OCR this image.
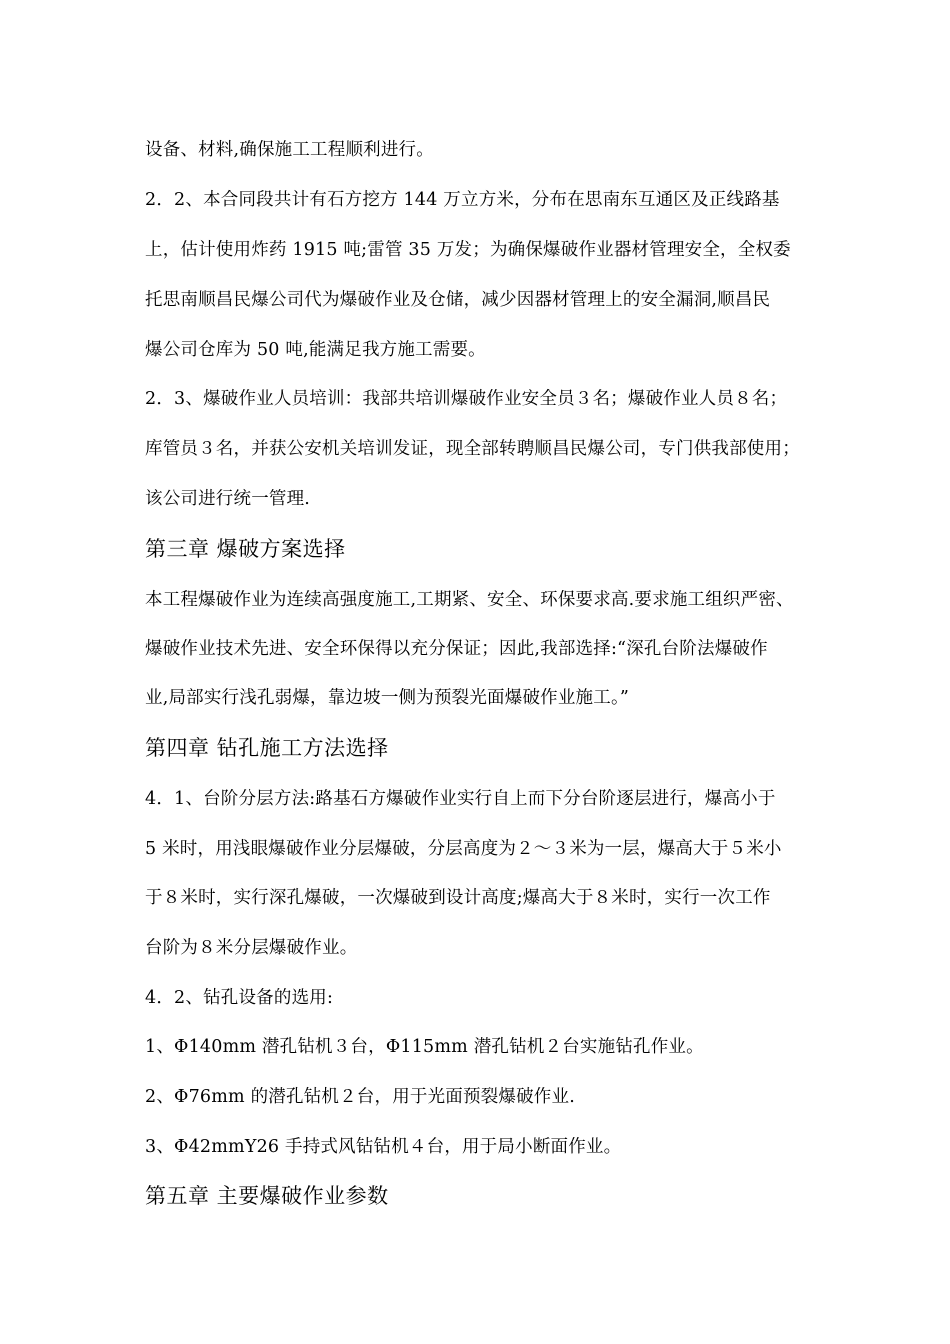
设备、材料,确保施工工程顺利进行。
2．2、本合同段共计有石方挖方 144 万立方米，分布在思南东互通区及正线路基
上，估计使用炸药 1915 吨;雷管 35 万发；为确保爆破作业器材管理安全，全权委
托思南顺昌民爆公司代为爆破作业及仓储，减少因器材管理上的安全漏洞,顺昌民
爆公司仓库为 50 吨,能满足我方施工需要。
2．3、爆破作业人员培训：我部共培训爆破作业安全员３名；爆破作业人员８名；
库管员３名，并获公安机关培训发证，现全部转聘顺昌民爆公司，专门供我部使用；
该公司进行统一管理.
第三章 爆破方案选择
本工程爆破作业为连续高强度施工,工期紧、安全、环保要求高.要求施工组织严密、
爆破作业技术先进、安全环保得以充分保证；因此,我部选择:“深孔台阶法爆破作
业,局部实行浅孔弱爆，靠边坡一侧为预裂光面爆破作业施工。”
第四章 钻孔施工方法选择
4．1、台阶分层方法:路基石方爆破作业实行自上而下分台阶逐层进行，爆高小于
5 米时，用浅眼爆破作业分层爆破，分层高度为２～３米为一层，爆高大于５米小
于８米时，实行深孔爆破，一次爆破到设计高度;爆高大于８米时，实行一次工作
台阶为８米分层爆破作业。
4．2、钻孔设备的选用:
1、Φ140mm 潜孔钻机３台，Φ115mm 潜孔钻机２台实施钻孔作业。
2、Φ76mm 的潜孔钻机２台，用于光面预裂爆破作业.
3、Φ42mmY26 手持式风钻钻机４台，用于局小断面作业。
第五章 主要爆破作业参数
